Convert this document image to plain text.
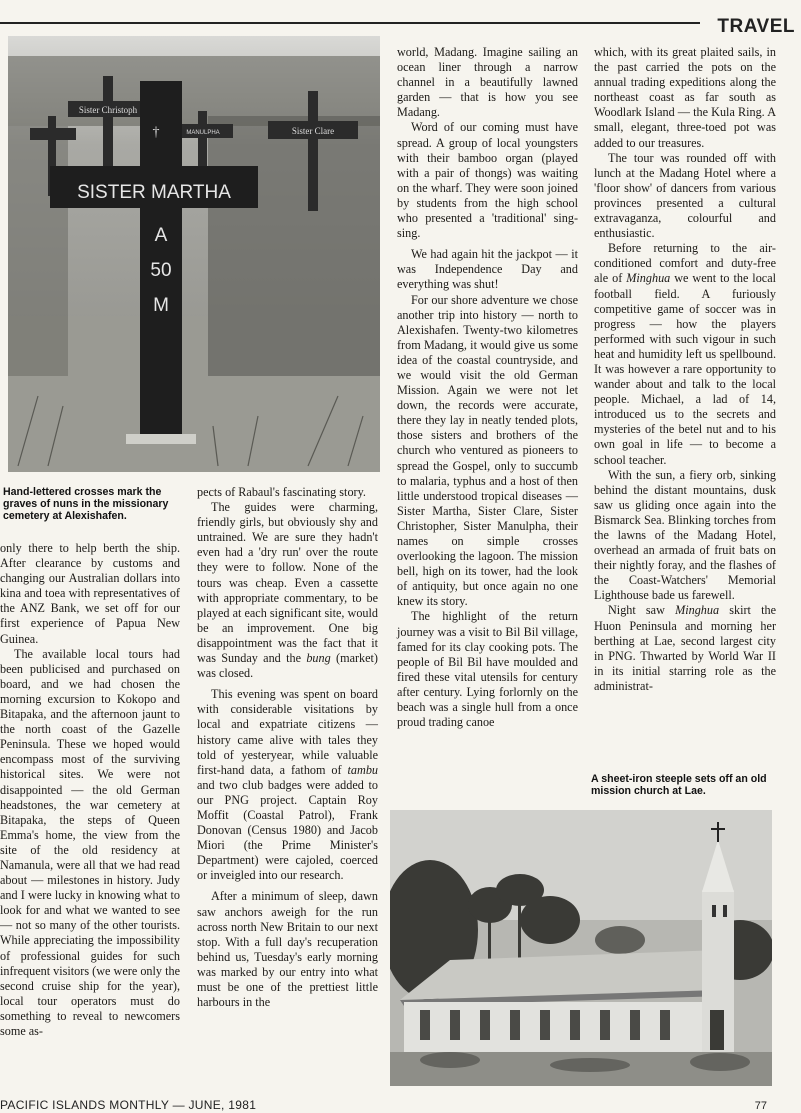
TRAVEL
Sister Christoph
Sister Clare
MANULPHA
†
SISTER MARTHA
A
50
M
Hand-lettered crosses mark the graves of nuns in the missionary cemetery at Alexishafen.

only there to help berth the ship. After clearance by customs and changing our Australian dollars into kina and toea with representatives of the ANZ Bank, we set off for our first experience of Papua New Guinea.

The available local tours had been publicised and purchased on board, and we had chosen the morning excursion to Kokopo and Bitapaka, and the afternoon jaunt to the north coast of the Gazelle Peninsula. These we hoped would encompass most of the surviving historical sites. We were not disappointed — the old German headstones, the war cemetery at Bitapaka, the steps of Queen Emma's home, the view from the site of the old residency at Namanula, were all that we had read about — milestones in history. Judy and I were lucky in knowing what to look for and what we wanted to see — not so many of the other tourists. While appreciating the impossibility of professional guides for such infrequent visitors (we were only the second cruise ship for the year), local tour operators must do something to reveal to newcomers some as-

pects of Rabaul's fascinating story.

The guides were charming, friendly girls, but obviously shy and untrained. We are sure they hadn't even had a 'dry run' over the route they were to follow. None of the tours was cheap. Even a cassette with appropriate commentary, to be played at each significant site, would be an improvement. One big disappointment was the fact that it was Sunday and the bung (market) was closed.

This evening was spent on board with considerable visitations by local and expatriate citizens — history came alive with tales they told of yesteryear, while valuable first-hand data, a fathom of tambu and two club badges were added to our PNG project. Captain Roy Moffit (Coastal Patrol), Frank Donovan (Census 1980) and Jacob Miori (the Prime Minister's Department) were cajoled, coerced or inveigled into our research.

After a minimum of sleep, dawn saw anchors aweigh for the run across north New Britain to our next stop. With a full day's recuperation behind us, Tuesday's early morning was marked by our entry into what must be one of the prettiest little harbours in the

world, Madang. Imagine sailing an ocean liner through a narrow channel in a beautifully lawned garden — that is how you see Madang.

Word of our coming must have spread. A group of local youngsters with their bamboo organ (played with a pair of thongs) was waiting on the wharf. They were soon joined by students from the high school who presented a 'traditional' sing-sing.

We had again hit the jackpot — it was Independence Day and everything was shut!

For our shore adventure we chose another trip into history — north to Alexishafen. Twenty-two kilometres from Madang, it would give us some idea of the coastal countryside, and we would visit the old German Mission. Again we were not let down, the records were accurate, there they lay in neatly tended plots, those sisters and brothers of the church who ventured as pioneers to spread the Gospel, only to succumb to malaria, typhus and a host of then little understood tropical diseases — Sister Martha, Sister Clare, Sister Christopher, Sister Manulpha, their names on simple crosses overlooking the lagoon. The mission bell, high on its tower, had the look of antiquity, but once again no one knew its story.

The highlight of the return journey was a visit to Bil Bil village, famed for its clay cooking pots. The people of Bil Bil have moulded and fired these vital utensils for century after century. Lying forlornly on the beach was a single hull from a once proud trading canoe

which, with its great plaited sails, in the past carried the pots on the annual trading expeditions along the northeast coast as far south as Woodlark Island — the Kula Ring. A small, elegant, three-toed pot was added to our treasures.

The tour was rounded off with lunch at the Madang Hotel where a 'floor show' of dancers from various provinces presented a cultural extravaganza, colourful and enthusiastic.

Before returning to the air-conditioned comfort and duty-free ale of Minghua we went to the local football field. A furiously competitive game of soccer was in progress — how the players performed with such vigour in such heat and humidity left us spellbound. It was however a rare opportunity to wander about and talk to the local people. Michael, a lad of 14, introduced us to the secrets and mysteries of the betel nut and to his own goal in life — to become a school teacher.

With the sun, a fiery orb, sinking behind the distant mountains, dusk saw us gliding once again into the Bismarck Sea. Blinking torches from the lawns of the Madang Hotel, overhead an armada of fruit bats on their nightly foray, and the flashes of the Coast-Watchers' Memorial Lighthouse bade us farewell.

Night saw Minghua skirt the Huon Peninsula and morning her berthing at Lae, second largest city in PNG. Thwarted by World War II in its initial starring role as the administrat-

A sheet-iron steeple sets off an old mission church at Lae.
PACIFIC ISLANDS MONTHLY — JUNE, 1981	77
